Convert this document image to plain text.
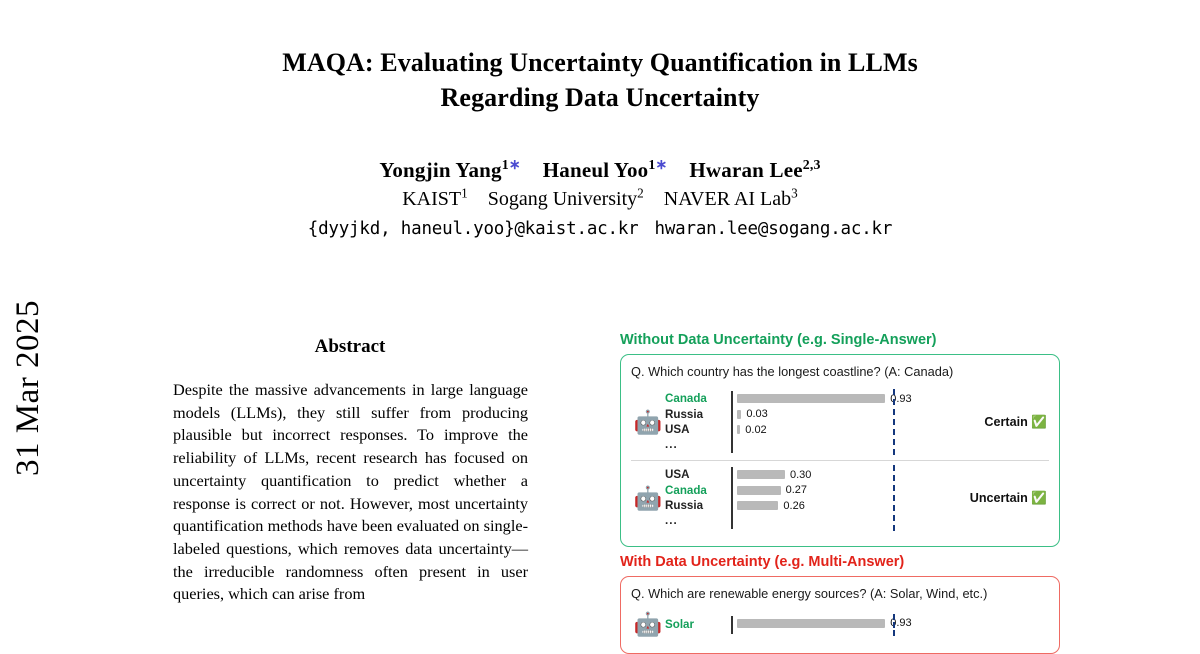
31 Mar 2025
MAQA: Evaluating Uncertainty Quantification in LLMs
Regarding Data Uncertainty
Yongjin Yang$^{1∗}$ Haneul Yoo$^{1∗}$ Hwaran Lee$^{2,3}$
KAIST$^1$ Sogang University$^2$ NAVER AI Lab$^3$
{dyyjkd, haneul.yoo}@kaist.ac.kr hwaran.lee@sogang.ac.kr
Abstract

Despite the massive advancements in large language models (LLMs), they still suffer from producing plausible but incorrect responses. To improve the reliability of LLMs, recent research has focused on uncertainty quantification to predict whether a response is correct or not. However, most uncertainty quantification methods have been evaluated on single-labeled questions, which removes data uncertainty—the irreducible randomness often present in user queries, which can arise from

Without Data Uncertainty (e.g. Single-Answer)
Q. Which country has the longest coastline? (A: Canada)
🤖
Canada
Russia
USA
...
0.93
0.03
0.02
Certain ✅
🤖
USA
Canada
Russia
...
0.30
0.27
0.26
Uncertain ✅
With Data Uncertainty (e.g. Multi-Answer)
Q. Which are renewable energy sources? (A: Solar, Wind, etc.)
🤖 Solar	0.93
